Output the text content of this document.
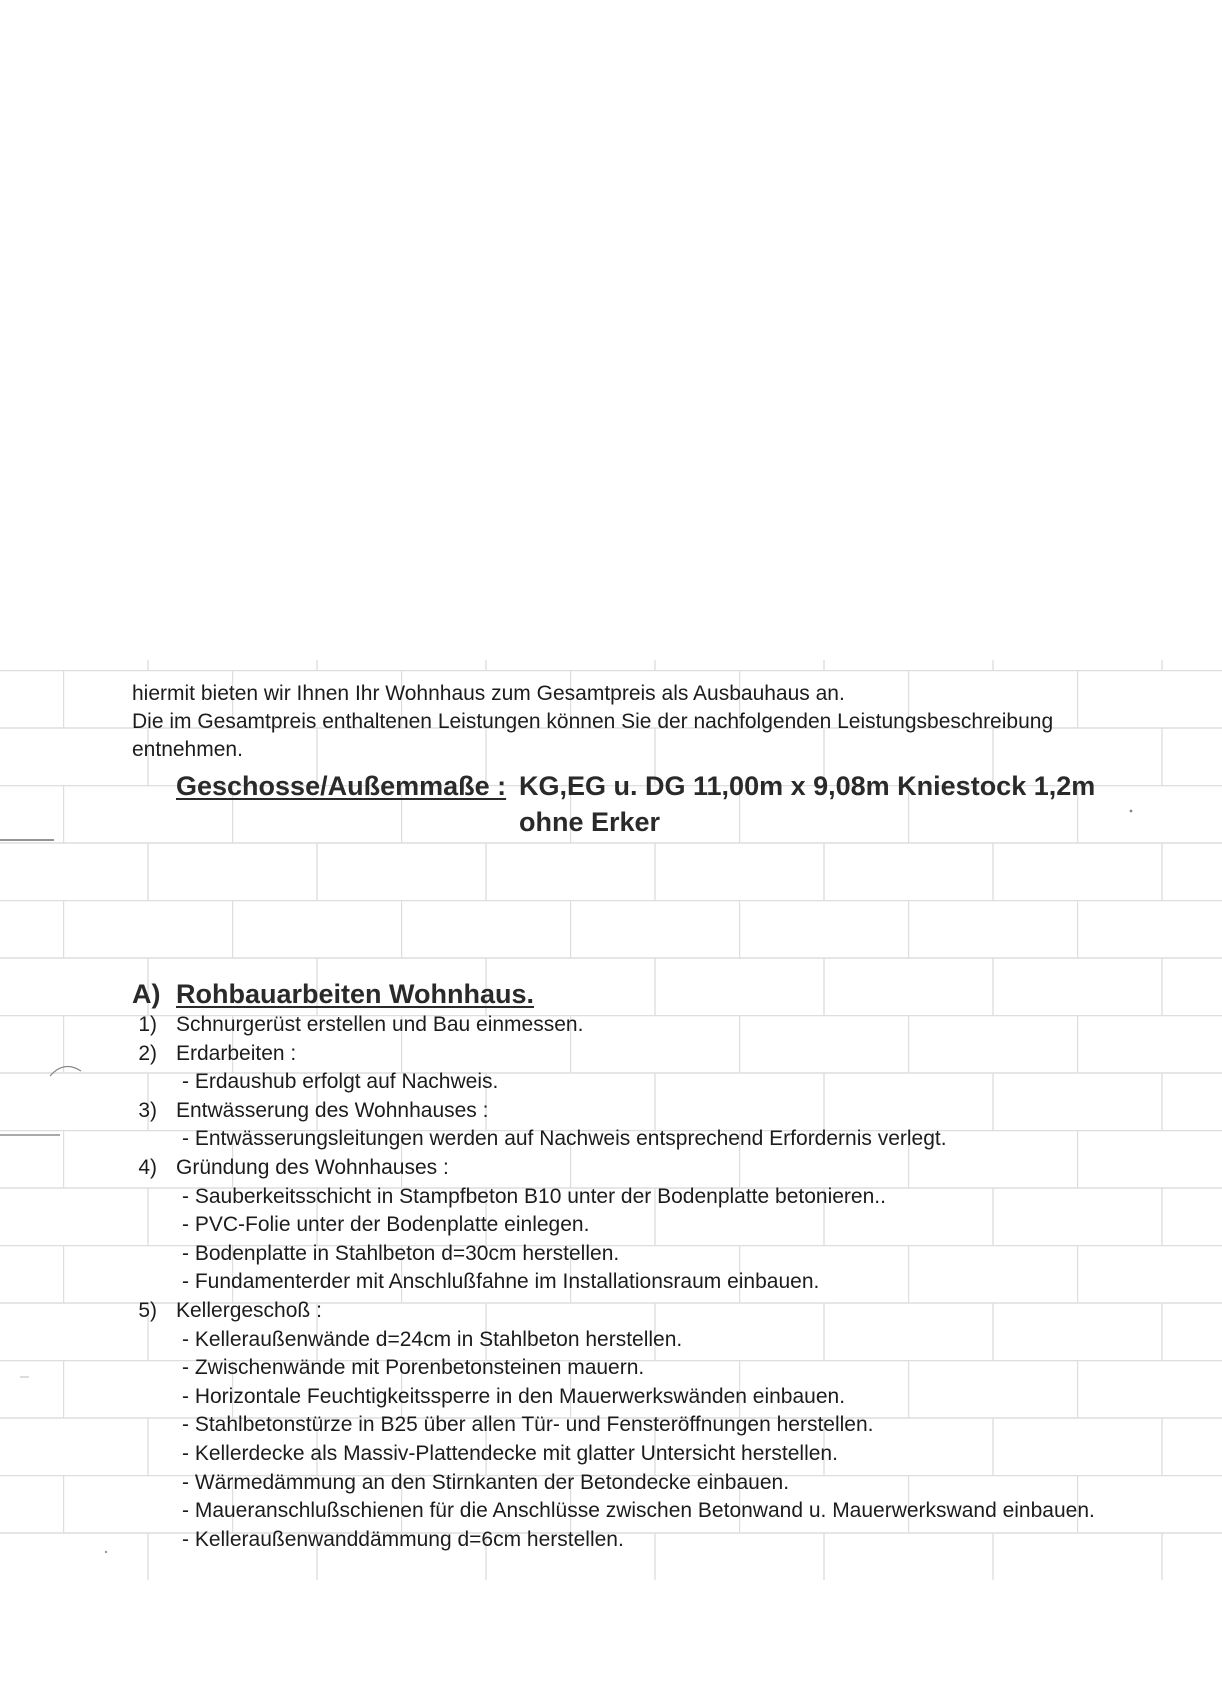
hiermit bieten wir Ihnen Ihr Wohnhaus zum Gesamtpreis als Ausbauhaus an.
Die im Gesamtpreis enthaltenen Leistungen können Sie der nachfolgenden Leistungsbeschreibung
entnehmen.
Geschosse/Außemmaße : KG,EG u. DG 11,00m x 9,08m Kniestock 1,2m
ohne Erker
A) Rohbauarbeiten Wohnhaus.
1) Schnurgerüst erstellen und Bau einmessen.
2) Erdarbeiten :
- Erdaushub erfolgt auf Nachweis.
3) Entwässerung des Wohnhauses :
- Entwässerungsleitungen werden auf Nachweis entsprechend Erfordernis verlegt.
4) Gründung des Wohnhauses :
- Sauberkeitsschicht in Stampfbeton B10 unter der Bodenplatte betonieren..
- PVC-Folie unter der Bodenplatte einlegen.
- Bodenplatte in Stahlbeton d=30cm herstellen.
- Fundamenterder mit Anschlußfahne im Installationsraum einbauen.
5) Kellergeschoß :
- Kelleraußenwände d=24cm in Stahlbeton herstellen.
- Zwischenwände mit Porenbetonsteinen mauern.
- Horizontale Feuchtigkeitssperre in den Mauerwerkswänden einbauen.
- Stahlbetonstürze in B25 über allen Tür- und Fensteröffnungen herstellen.
- Kellerdecke als Massiv-Plattendecke mit glatter Untersicht herstellen.
- Wärmedämmung an den Stirnkanten der Betondecke einbauen.
- Maueranschlußschienen für die Anschlüsse zwischen Betonwand u. Mauerwerkswand einbauen.
- Kelleraußenwanddämmung d=6cm herstellen.
